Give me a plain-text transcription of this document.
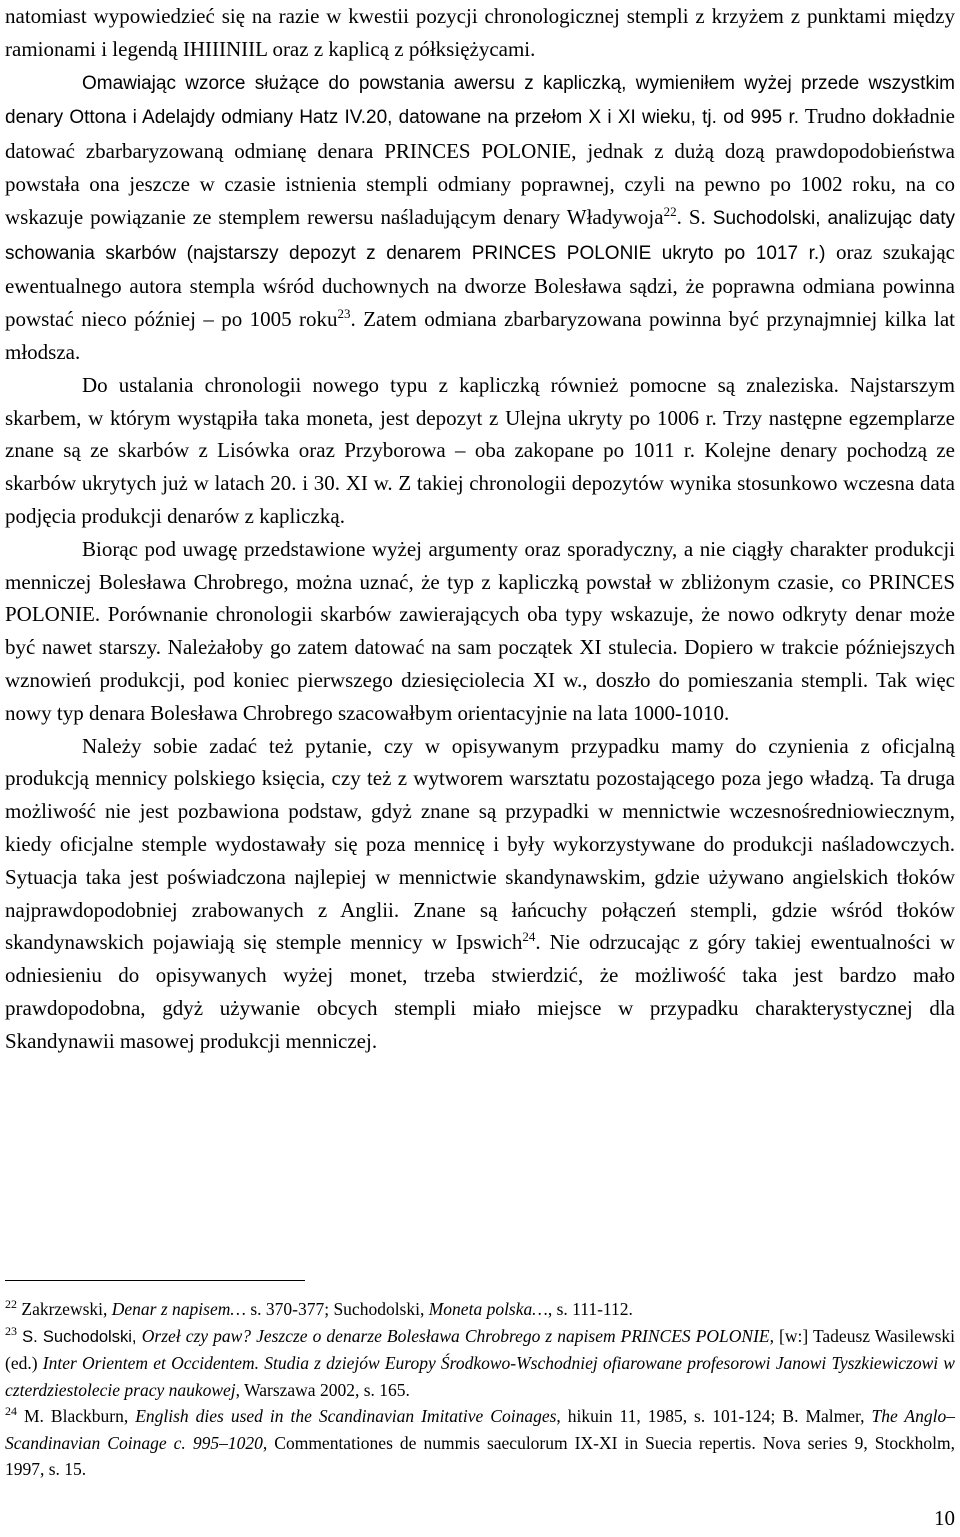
natomiast wypowiedzieć się na razie w kwestii pozycji chronologicznej stempli z krzyżem z punktami między ramionami i legendą IHIIINIIL oraz z kaplicą z półksiężycami.

Omawiając wzorce służące do powstania awersu z kapliczką, wymieniłem wyżej przede wszystkim denary Ottona i Adelajdy odmiany Hatz IV.20, datowane na przełom X i XI wieku, tj. od 995 r. Trudno dokładnie datować zbarbaryzowaną odmianę denara PRINCES POLONIE, jednak z dużą dozą prawdopodobieństwa powstała ona jeszcze w czasie istnienia stempli odmiany poprawnej, czyli na pewno po 1002 roku, na co wskazuje powiązanie ze stemplem rewersu naśladującym denary Władywoja$^{22}$. S. Suchodolski, analizując daty schowania skarbów (najstarszy depozyt z denarem PRINCES POLONIE ukryto po 1017 r.) oraz szukając ewentualnego autora stempla wśród duchownych na dworze Bolesława sądzi, że poprawna odmiana powinna powstać nieco później – po 1005 roku$^{23}$. Zatem odmiana zbarbaryzowana powinna być przynajmniej kilka lat młodsza.

Do ustalania chronologii nowego typu z kapliczką również pomocne są znaleziska. Najstarszym skarbem, w którym wystąpiła taka moneta, jest depozyt z Ulejna ukryty po 1006 r. Trzy następne egzemplarze znane są ze skarbów z Lisówka oraz Przyborowa – oba zakopane po 1011 r. Kolejne denary pochodzą ze skarbów ukrytych już w latach 20. i 30. XI w. Z takiej chronologii depozytów wynika stosunkowo wczesna data podjęcia produkcji denarów z kapliczką.

Biorąc pod uwagę przedstawione wyżej argumenty oraz sporadyczny, a nie ciągły charakter produkcji menniczej Bolesława Chrobrego, można uznać, że typ z kapliczką powstał w zbliżonym czasie, co PRINCES POLONIE. Porównanie chronologii skarbów zawierających oba typy wskazuje, że nowo odkryty denar może być nawet starszy. Należałoby go zatem datować na sam początek XI stulecia. Dopiero w trakcie późniejszych wznowień produkcji, pod koniec pierwszego dziesięciolecia XI w., doszło do pomieszania stempli. Tak więc nowy typ denara Bolesława Chrobrego szacowałbym orientacyjnie na lata 1000-1010.

Należy sobie zadać też pytanie, czy w opisywanym przypadku mamy do czynienia z oficjalną produkcją mennicy polskiego księcia, czy też z wytworem warsztatu pozostającego poza jego władzą. Ta druga możliwość nie jest pozbawiona podstaw, gdyż znane są przypadki w mennictwie wczesnośredniowiecznym, kiedy oficjalne stemple wydostawały się poza mennicę i były wykorzystywane do produkcji naśladowczych. Sytuacja taka jest poświadczona najlepiej w mennictwie skandynawskim, gdzie używano angielskich tłoków najprawdopodobniej zrabowanych z Anglii. Znane są łańcuchy połączeń stempli, gdzie wśród tłoków skandynawskich pojawiają się stemple mennicy w Ipswich$^{24}$. Nie odrzucając z góry takiej ewentualności w odniesieniu do opisywanych wyżej monet, trzeba stwierdzić, że możliwość taka jest bardzo mało prawdopodobna, gdyż używanie obcych stempli miało miejsce w przypadku charakterystycznej dla Skandynawii masowej produkcji menniczej.

$^{22}$ Zakrzewski, Denar z napisem… s. 370-377; Suchodolski, Moneta polska…, s. 111-112.

$^{23}$ S. Suchodolski, Orzeł czy paw? Jeszcze o denarze Bolesława Chrobrego z napisem PRINCES POLONIE, [w:] Tadeusz Wasilewski (ed.) Inter Orientem et Occidentem. Studia z dziejów Europy Środkowo-Wschodniej ofiarowane profesorowi Janowi Tyszkiewiczowi w czterdziestolecie pracy naukowej, Warszawa 2002, s. 165.

$^{24}$ M. Blackburn, English dies used in the Scandinavian Imitative Coinages, hikuin 11, 1985, s. 101-124; B. Malmer, The Anglo–Scandinavian Coinage c. 995–1020, Commentationes de nummis saeculorum IX-XI in Suecia repertis. Nova series 9, Stockholm, 1997, s. 15.

10
